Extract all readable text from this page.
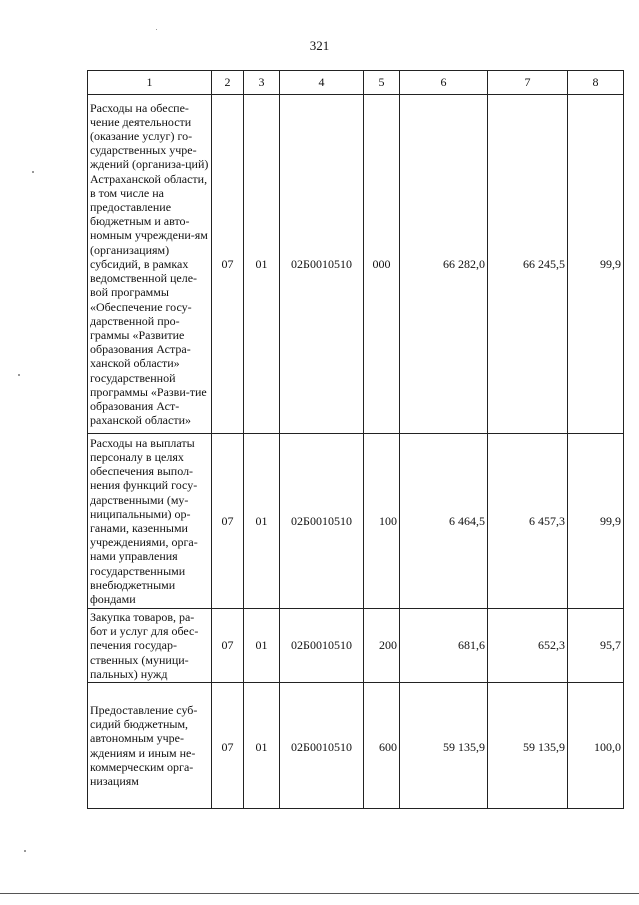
321
1	2	3	4	5	6	7	8
Расходы на обеспе-чение деятельности (оказание услуг) го-сударственных учре-ждений (организа-ций) Астраханской области, в том числе на предоставление бюджетным и авто-номным учреждени-ям (организациям) субсидий, в рамках ведомственной целе-вой программы «Обеспечение госу-дарственной про-граммы «Развитие образования Астра-ханской области» государственной программы «Разви-тие образования Аст-раханской области»	07	01	02Б0010510	000	66 282,0	66 245,5	99,9
Расходы на выплаты персоналу в целях обеспечения выпол-нения функций госу-дарственными (му-ниципальными) ор-ганами, казенными учреждениями, орга-нами управления государственными внебюджетными фондами	07	01	02Б0010510	100	6 464,5	6 457,3	99,9
Закупка товаров, ра-бот и услуг для обес-печения государ-ственных (муници-пальных) нужд	07	01	02Б0010510	200	681,6	652,3	95,7
Предоставление суб-сидий бюджетным, автономным учре-ждениям и иным не-коммерческим орга-низациям	07	01	02Б0010510	600	59 135,9	59 135,9	100,0
